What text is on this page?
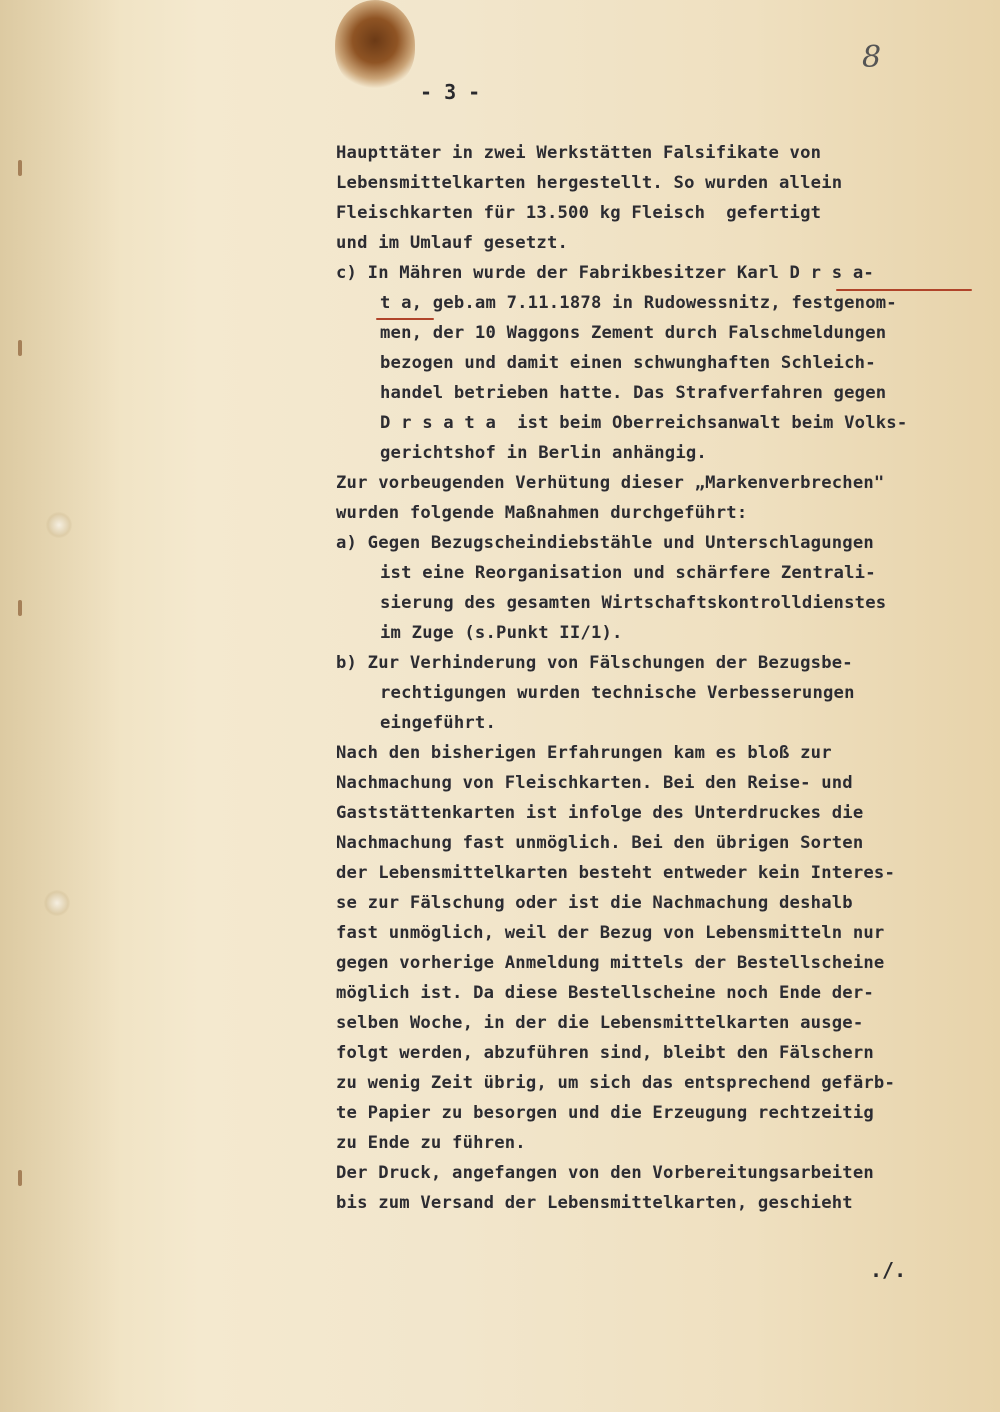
8
- 3 -
Haupttäter in zwei Werkstätten Falsifikate von
Lebensmittelkarten hergestellt. So wurden allein
Fleischkarten für 13.500 kg Fleisch  gefertigt
und im Umlauf gesetzt.
c) In Mähren wurde der Fabrikbesitzer Karl D r s a-
t a, geb.am 7.11.1878 in Rudowessnitz, festgenom-
men, der 10 Waggons Zement durch Falschmeldungen
bezogen und damit einen schwunghaften Schleich-
handel betrieben hatte. Das Strafverfahren gegen
D r s a t a  ist beim Oberreichsanwalt beim Volks-
gerichtshof in Berlin anhängig.
Zur vorbeugenden Verhütung dieser „Markenverbrechen"
wurden folgende Maßnahmen durchgeführt:
a) Gegen Bezugscheindiebstähle und Unterschlagungen
ist eine Reorganisation und schärfere Zentrali-
sierung des gesamten Wirtschaftskontrolldienstes
im Zuge (s.Punkt II/1).
b) Zur Verhinderung von Fälschungen der Bezugsbe-
rechtigungen wurden technische Verbesserungen
eingeführt.
Nach den bisherigen Erfahrungen kam es bloß zur
Nachmachung von Fleischkarten. Bei den Reise- und
Gaststättenkarten ist infolge des Unterdruckes die
Nachmachung fast unmöglich. Bei den übrigen Sorten
der Lebensmittelkarten besteht entweder kein Interes-
se zur Fälschung oder ist die Nachmachung deshalb
fast unmöglich, weil der Bezug von Lebensmitteln nur
gegen vorherige Anmeldung mittels der Bestellscheine
möglich ist. Da diese Bestellscheine noch Ende der-
selben Woche, in der die Lebensmittelkarten ausge-
folgt werden, abzuführen sind, bleibt den Fälschern
zu wenig Zeit übrig, um sich das entsprechend gefärb-
te Papier zu besorgen und die Erzeugung rechtzeitig
zu Ende zu führen.
Der Druck, angefangen von den Vorbereitungsarbeiten
bis zum Versand der Lebensmittelkarten, geschieht
./.
